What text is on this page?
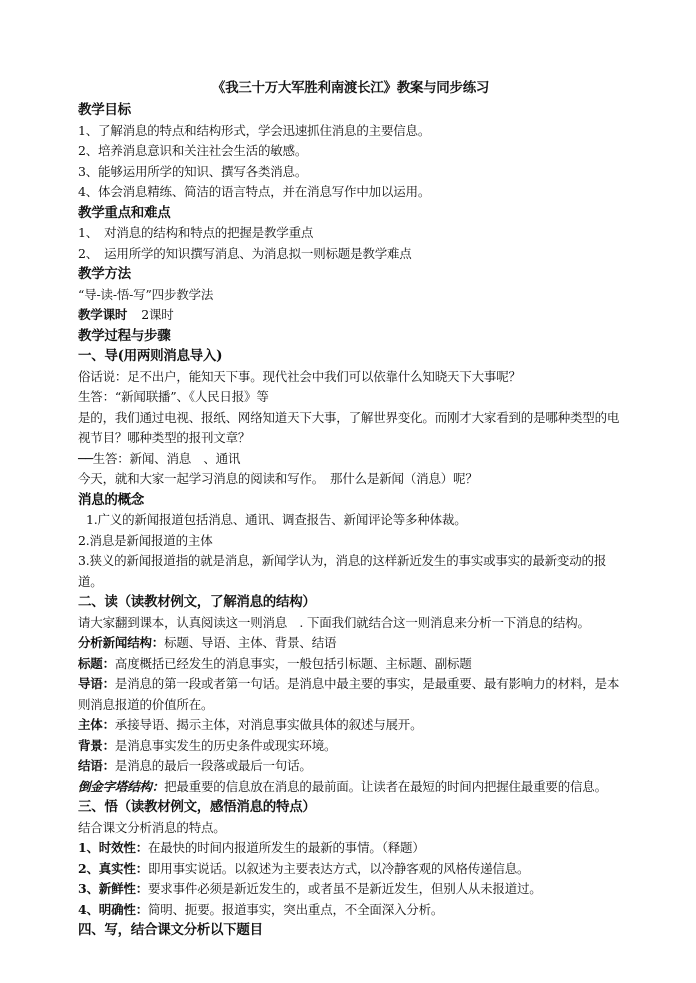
《我三十万大军胜利南渡长江》教案与同步练习
教学目标
1、了解消息的特点和结构形式，学会迅速抓住消息的主要信息。
2、培养消息意识和关注社会生活的敏感。
3、能够运用所学的知识、撰写各类消息。
4、体会消息精练、简洁的语言特点，并在消息写作中加以运用。
教学重点和难点
1、　对消息的结构和特点的把握是教学重点
2、　运用所学的知识撰写消息、为消息拟一则标题是教学难点
教学方法
“导-读-悟-写”四步教学法
教学课时 2课时
教学过程与步骤
一、导(用两则消息导入)
俗话说：足不出户，能知天下事。现代社会中我们可以依靠什么知晓天下大事呢？
生答：“新闻联播”、《人民日报》等
是的，我们通过电视、报纸、网络知道天下大事，了解世界变化。而刚才大家看到的是哪种类型的电视节目？哪种类型的报刊文章？
──生答：新闻、消息　、通讯
今天，就和大家一起学习消息的阅读和写作。　那什么是新闻（消息）呢？
消息的概念
1.广义的新闻报道包括消息、通讯、调查报告、新闻评论等多种体裁。
2.消息是新闻报道的主体
3.狭义的新闻报道指的就是消息，新闻学认为，消息的这样新近发生的事实或事实的最新变动的报道。
二、读（读教材例文，了解消息的结构）
请大家翻到课本，认真阅读这一则消息　. 下面我们就结合这一则消息来分析一下消息的结构。
分析新闻结构：标题、导语、主体、背景、结语
标题：高度概括已经发生的消息事实，一般包括引标题、主标题、副标题
导语：是消息的第一段或者第一句话。是消息中最主要的事实，是最重要、最有影响力的材料，是本则消息报道的价值所在。
主体：承接导语、揭示主体，对消息事实做具体的叙述与展开。
背景：是消息事实发生的历史条件或现实环境。
结语：是消息的最后一段落或最后一句话。
倒金字塔结构：把最重要的信息放在消息的最前面。让读者在最短的时间内把握住最重要的信息。
三、悟（读教材例文，感悟消息的特点）
结合课文分析消息的特点。
1、时效性：在最快的时间内报道所发生的最新的事情。（释题）
2、真实性：即用事实说话。以叙述为主要表达方式，以冷静客观的风格传递信息。
3、新鲜性：要求事件必须是新近发生的，或者虽不是新近发生，但别人从未报道过。
4、明确性：简明、扼要。报道事实，突出重点，不全面深入分析。
四、写，结合课文分析以下题目
